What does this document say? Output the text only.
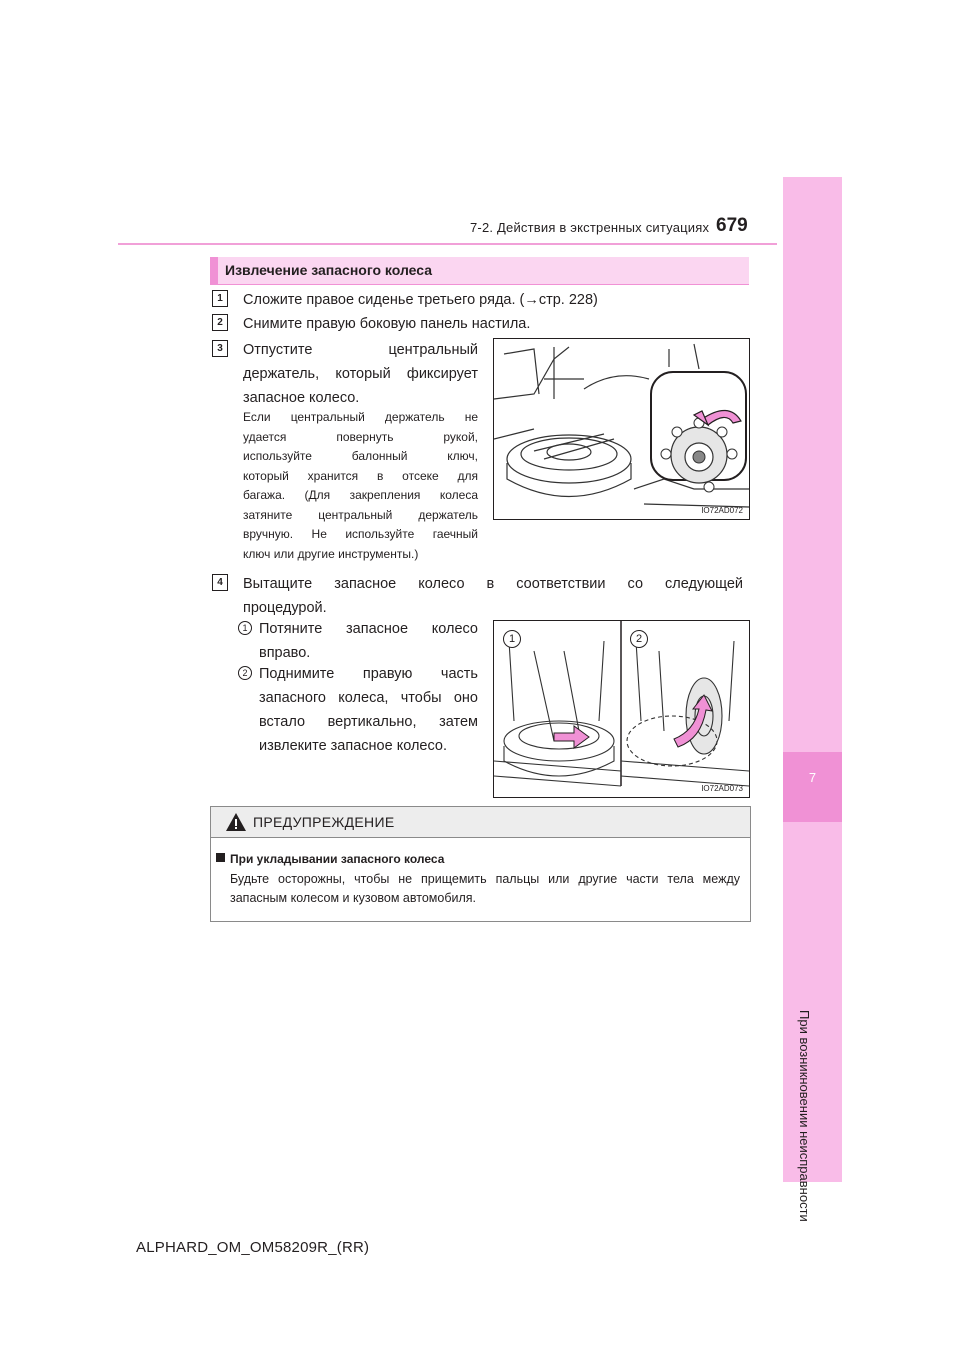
7-2. Действия в экстренных ситуациях 679
7
При возникновении неисправности
Извлечение запасного колеса
1	Сложите правое сиденье третьего ряда. (→стр. 228)
2	Снимите правую боковую панель настила.
3	Отпустите центральный
держатель, который фиксирует
запасное колесо.
Если центральный держатель не
удается повернуть рукой,
используйте балонный ключ,
который хранится в отсеке для
багажа. (Для закрепления колеса
затяните центральный держатель
вручную. Не используйте гаечный
ключ или другие инструменты.)
IO72AD072
4	Вытащите запасное колесо в соответствии со следующей
процедурой.
1 Потяните запасное колесо
вправо.
2 Поднимите правую часть
запасного колеса, чтобы оно
встало вертикально, затем
извлеките запасное колесо.
1	2
IO72AD073
ПРЕДУПРЕЖДЕНИЕ
При укладывании запасного колеса
Будьте осторожны, чтобы не прищемить пальцы или другие части тела между запасным колесом и кузовом автомобиля.
ALPHARD_OM_OM58209R_(RR)
